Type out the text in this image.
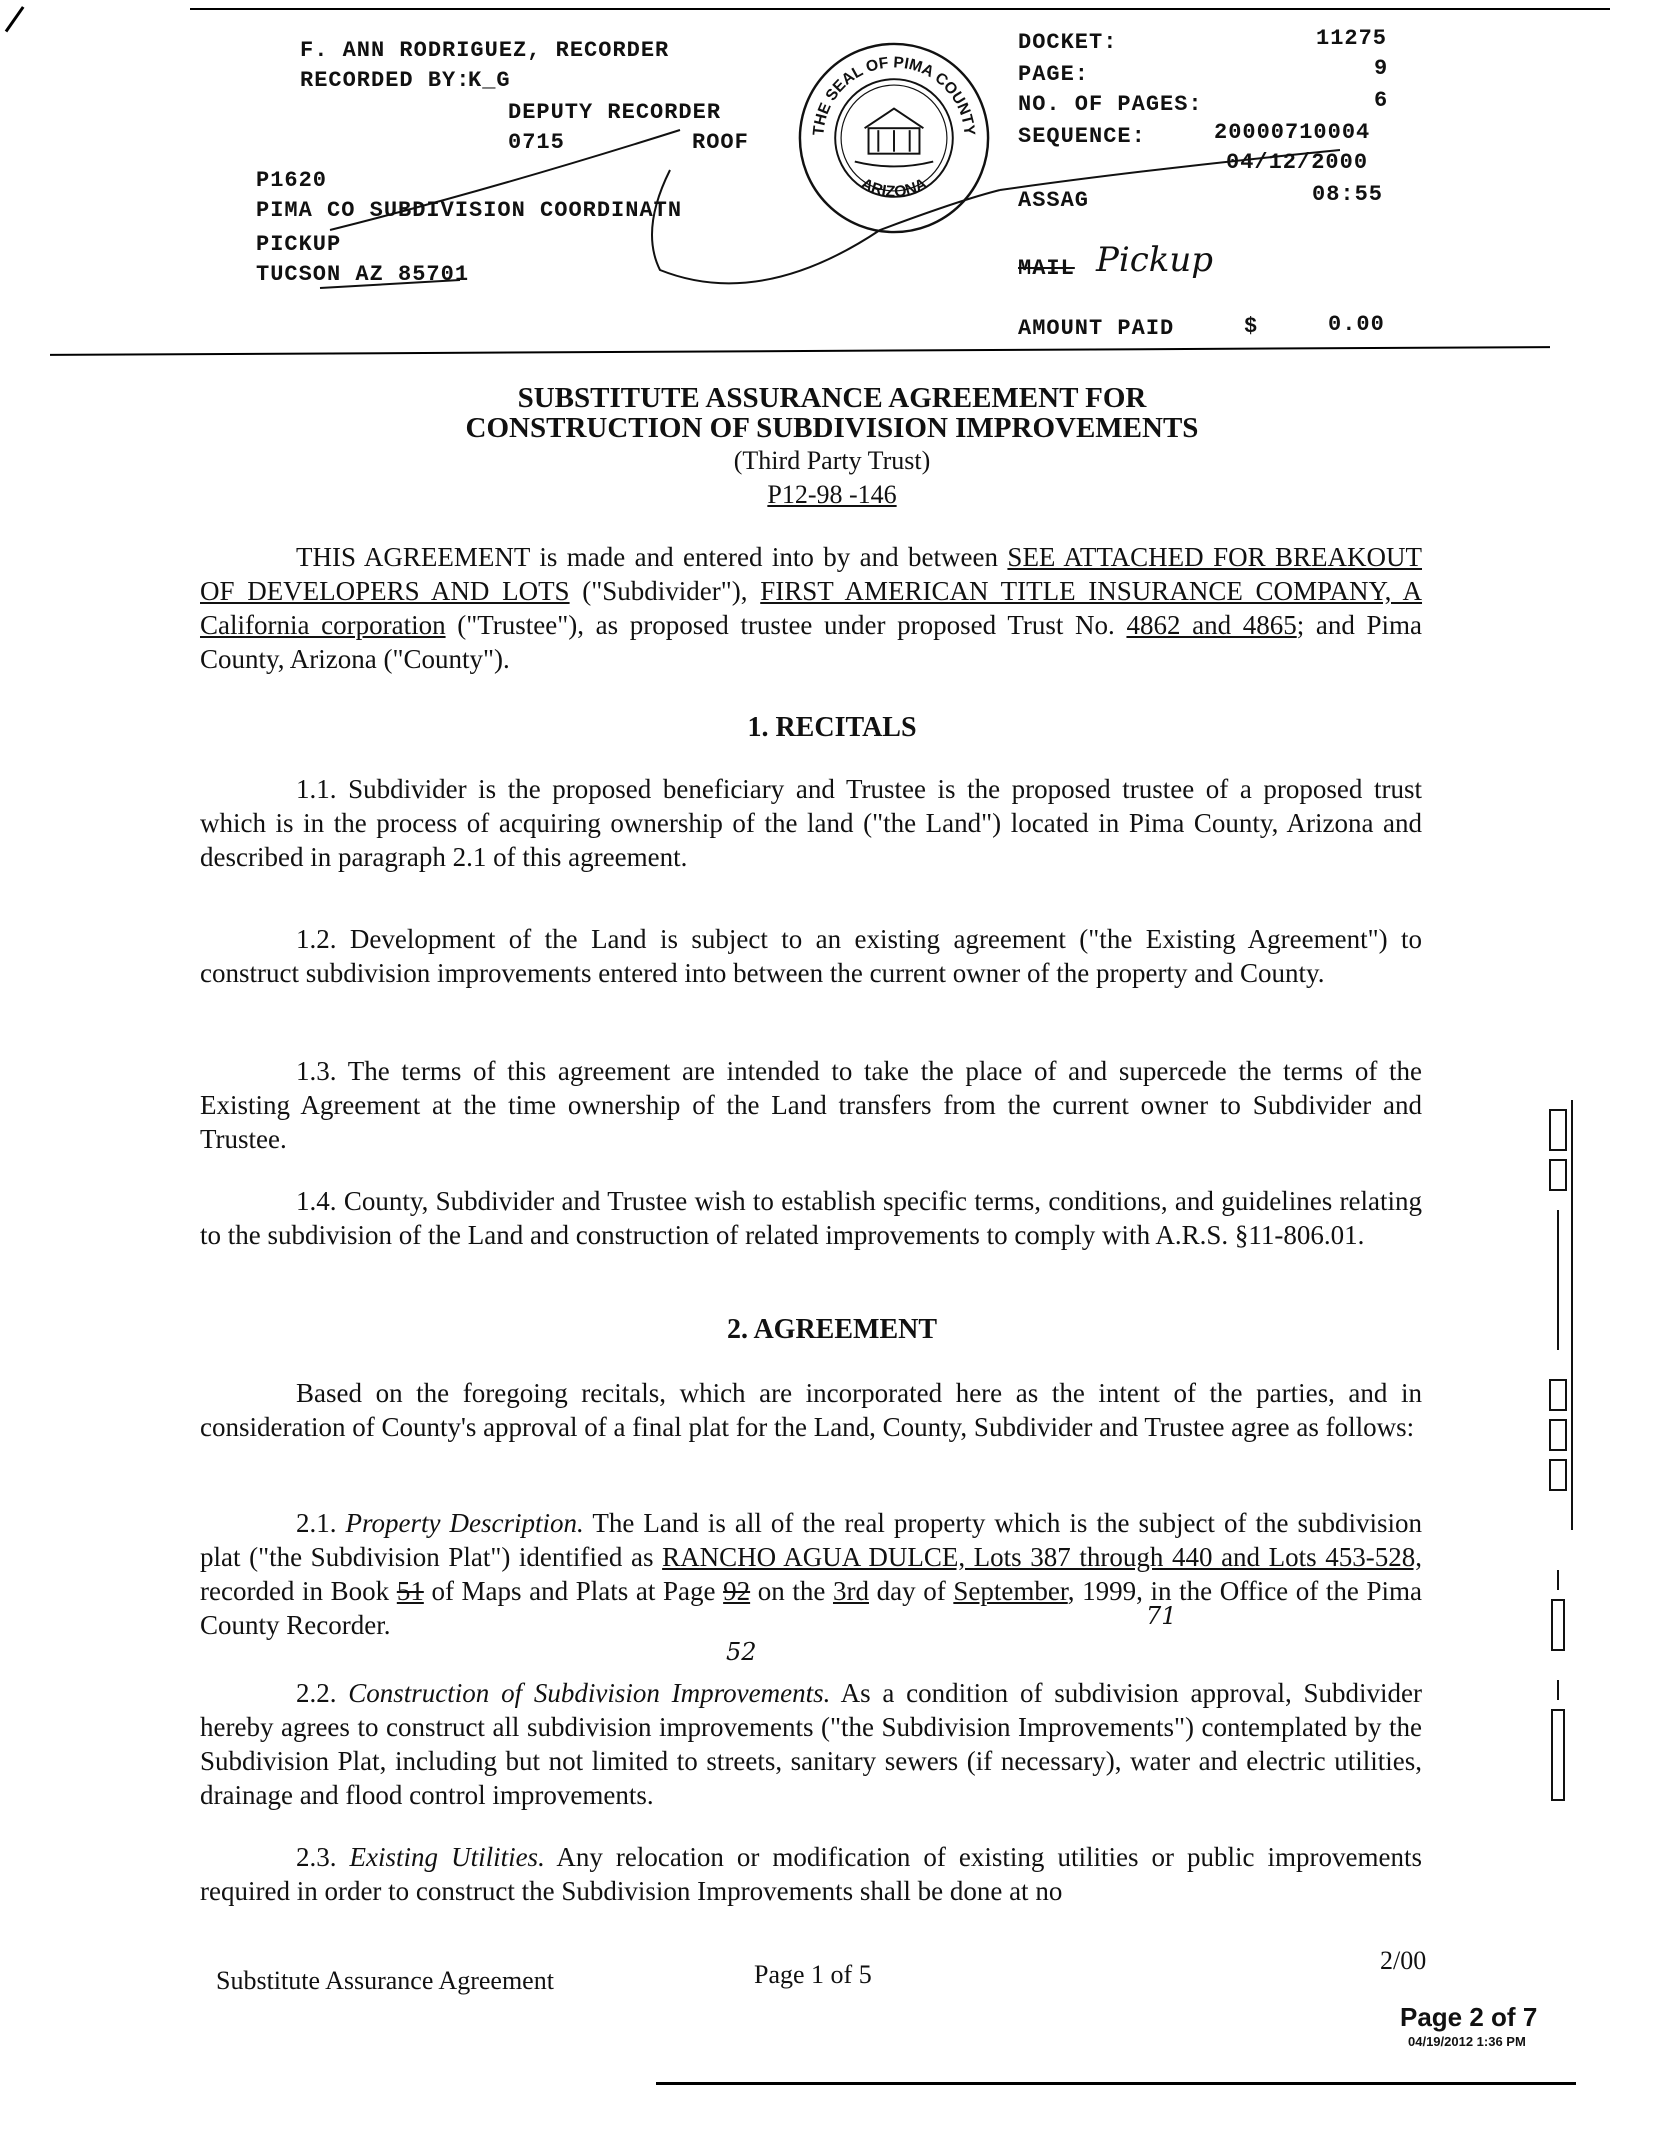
F. ANN RODRIGUEZ, RECORDER
RECORDED BY:
K_G
DEPUTY RECORDER
0715	ROOF
P1620
PIMA CO SUBDIVISION COORDINATN
PICKUP
TUCSON AZ 85701
THE SEAL OF PIMA COUNTY
ARIZONA
DOCKET:	11275
PAGE:	9
NO. OF PAGES:	6
SEQUENCE:	20000710004
04/12/2000
ASSAG	08:55
MAIL Pickup
AMOUNT PAID	$	0.00
SUBSTITUTE ASSURANCE AGREEMENT FOR
CONSTRUCTION OF SUBDIVISION IMPROVEMENTS
(Third Party Trust)
P12-98 -146
THIS AGREEMENT is made and entered into by and between SEE ATTACHED FOR BREAKOUT OF DEVELOPERS AND LOTS ("Subdivider"), FIRST AMERICAN TITLE INSURANCE COMPANY, A California corporation ("Trustee"), as proposed trustee under proposed Trust No. 4862 and 4865; and Pima County, Arizona ("County").
1. RECITALS
1.1. Subdivider is the proposed beneficiary and Trustee is the proposed trustee of a proposed trust which is in the process of acquiring ownership of the land ("the Land") located in Pima County, Arizona and described in paragraph 2.1 of this agreement.
1.2. Development of the Land is subject to an existing agreement ("the Existing Agreement") to construct subdivision improvements entered into between the current owner of the property and County.
1.3. The terms of this agreement are intended to take the place of and supercede the terms of the Existing Agreement at the time ownership of the Land transfers from the current owner to Subdivider and Trustee.
1.4. County, Subdivider and Trustee wish to establish specific terms, conditions, and guidelines relating to the subdivision of the Land and construction of related improvements to comply with A.R.S. §11-806.01.
2. AGREEMENT
Based on the foregoing recitals, which are incorporated here as the intent of the parties, and in consideration of County's approval of a final plat for the Land, County, Subdivider and Trustee agree as follows:
2.1. Property Description. The Land is all of the real property which is the subject of the subdivision plat ("the Subdivision Plat") identified as RANCHO AGUA DULCE, Lots 387 through 440 and Lots 453-528, recorded in Book 51 of Maps and Plats at Page 92 on the 3rd day of September, 1999, in the Office of the Pima County Recorder.
52
71
2.2. Construction of Subdivision Improvements. As a condition of subdivision approval, Subdivider hereby agrees to construct all subdivision improvements ("the Subdivision Improvements") contemplated by the Subdivision Plat, including but not limited to streets, sanitary sewers (if necessary), water and electric utilities, drainage and flood control improvements.
2.3. Existing Utilities. Any relocation or modification of existing utilities or public improvements required in order to construct the Subdivision Improvements shall be done at no
Substitute Assurance Agreement	Page 1 of 5	2/00
Page 2 of 7
04/19/2012 1:36 PM
